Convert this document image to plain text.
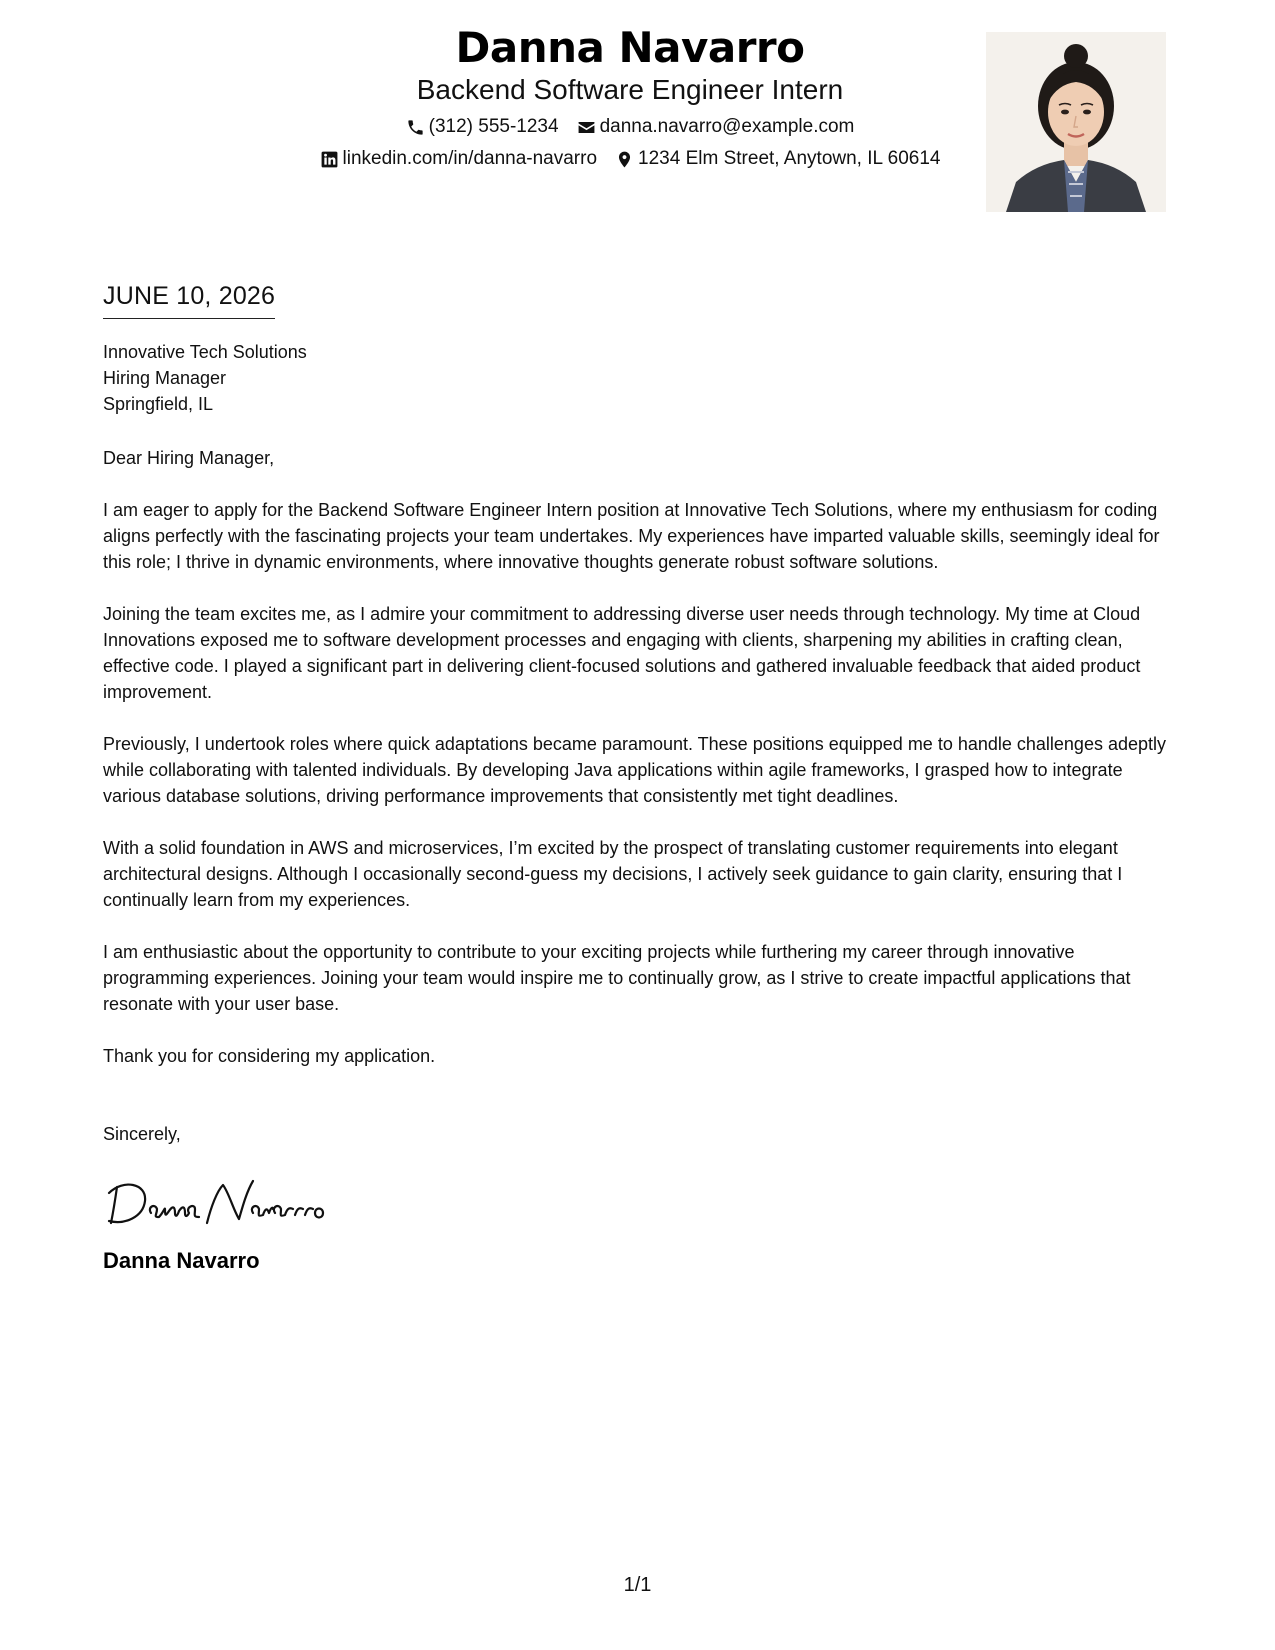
Danna Navarro
Backend Software Engineer Intern
(312) 555-1234 danna.navarro@example.com
linkedin.com/in/danna-navarro 1234 Elm Street, Anytown, IL 60614
JUNE 10, 2026
Innovative Tech Solutions
Hiring Manager
Springfield, IL
Dear Hiring Manager,

I am eager to apply for the Backend Software Engineer Intern position at Innovative Tech Solutions, where my enthusiasm for coding aligns perfectly with the fascinating projects your team undertakes. My experiences have imparted valuable skills, seemingly ideal for this role; I thrive in dynamic environments, where innovative thoughts generate robust software solutions.

Joining the team excites me, as I admire your commitment to addressing diverse user needs through technology. My time at Cloud Innovations exposed me to software development processes and engaging with clients, sharpening my abilities in crafting clean, effective code. I played a significant part in delivering client-focused solutions and gathered invaluable feedback that aided product improvement.

Previously, I undertook roles where quick adaptations became paramount. These positions equipped me to handle challenges adeptly while collaborating with talented individuals. By developing Java applications within agile frameworks, I grasped how to integrate various database solutions, driving performance improvements that consistently met tight deadlines.

With a solid foundation in AWS and microservices, I’m excited by the prospect of translating customer requirements into elegant architectural designs. Although I occasionally second-guess my decisions, I actively seek guidance to gain clarity, ensuring that I continually learn from my experiences.

I am enthusiastic about the opportunity to contribute to your exciting projects while furthering my career through innovative programming experiences. Joining your team would inspire me to continually grow, as I strive to create impactful applications that resonate with your user base.

Thank you for considering my application.

Sincerely,
Danna Navarro
1/1
